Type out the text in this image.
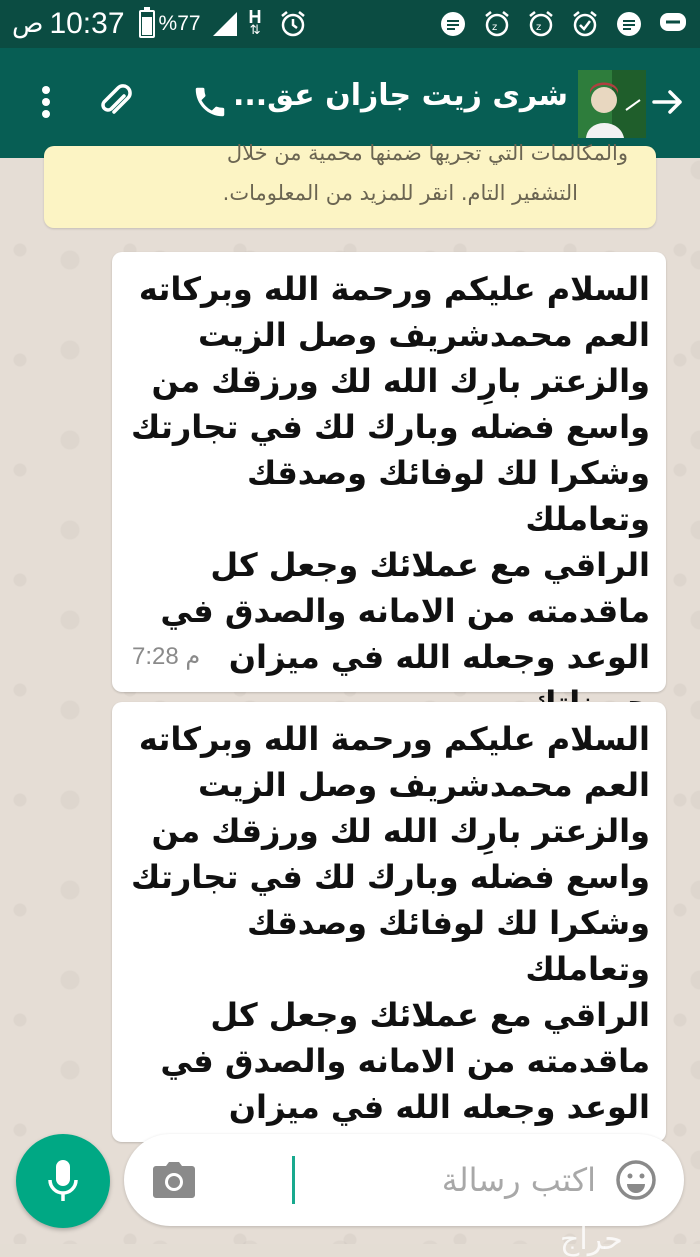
ص 10:37 %77	H
⇅	z	z
شرى زيت جازان عق...
والمكالمات التي تجريها ضمنها محمية من خلال
التشفير التام. انقر للمزيد من المعلومات.
السلام عليكم ورحمة الله وبركاته
العم محمدشريف وصل الزيت
والزعتر بارِك الله لك ورزقك من
واسع فضله وبارك لك في تجارتك
وشكرا لك لوفائك وصدقك وتعاملك
الراقي مع عملائك وجعل كل
ماقدمته من الامانه والصدق في
الوعد وجعله الله في ميزان

7:28 م
السلام عليكم ورحمة الله وبركاته
العم محمدشريف وصل الزيت
والزعتر بارِك الله لك ورزقك من
واسع فضله وبارك لك في تجارتك
وشكرا لك لوفائك وصدقك وتعاملك
الراقي مع عملائك وجعل كل
ماقدمته من الامانه والصدق في
الوعد وجعله الله في ميزان

اكتب رسالة
حراج
